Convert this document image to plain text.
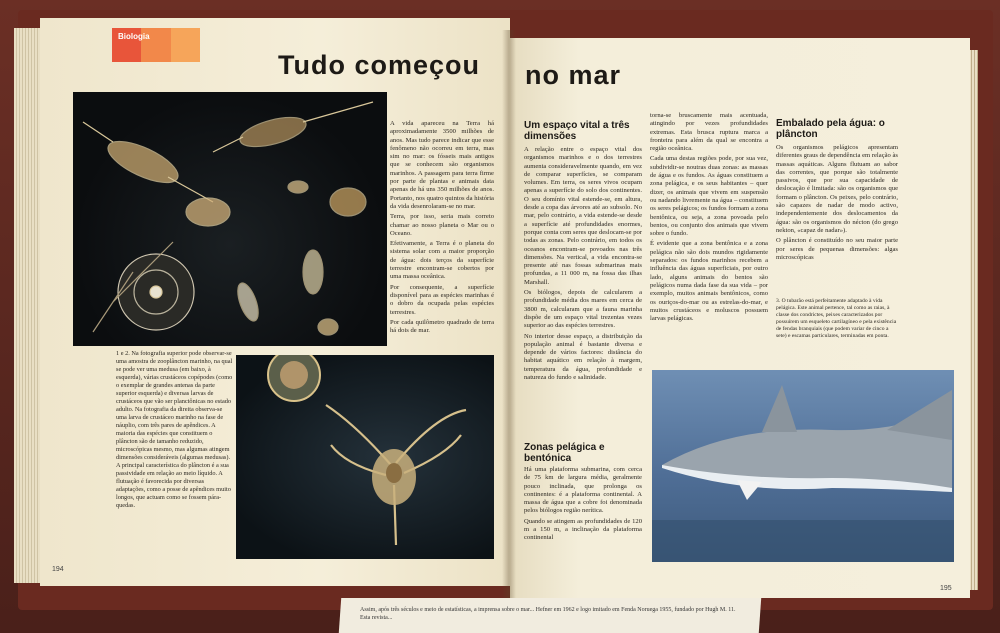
Biologia
Tudo começou no mar

A vida apareceu na Terra há aproximadamente 3500 milhões de anos. Mas tudo parece indicar que esse fenômeno não ocorreu em terra, mas sim no mar: os fósseis mais antigos que se conhecem são organismos marinhos. A passagem para terra firme por parte de plantas e animais data apenas de há uns 350 milhões de anos. Portanto, nos quatro quintos da história da vida desenrolaram-se no mar.

Terra, por isso, seria mais correto chamar ao nosso planeta o Mar ou o Oceano.

Efetivamente, a Terra é o planeta do sistema solar com a maior proporção de água: dois terços da superfície terrestre encontram-se cobertos por uma massa oceânica.

Por consequente, a superfície disponível para as espécies marinhas é o dobro da ocupada pelas espécies terrestres.

Por cada quilômetro quadrado de terra há dois de mar.

1 e 2. Na fotografia superior pode observar-se uma amostra de zooplâncton marinho, na qual se pode ver uma medusa (em baixo, à esquerda), várias crustáceos copépodes (como o exemplar de grandes antenas da parte superior esquerda) e diversas larvas de crustáceos que vão ser planctônicas no estado adulto. Na fotografia da direita observa-se uma larva de crustáceo marinho na fase de náuplio, com três pares de apêndices. A maioria das espécies que constituem o plâncton são de tamanho reduzido, microscópicas mesmo, mas algumas atingem dimensões consideráveis (algumas medusas). A principal característica do plâncton é a sua passividade em relação ao meio líquido. A flutuação é favorecida por diversas adaptações, como a posse de apêndices muito longos, que actuam como se fossem pára-quedas.
194
Um espaço vital a três dimensões

A relação entre o espaço vital dos organismos marinhos e o dos terrestres aumenta consideravelmente quando, em vez de comparar superfícies, se comparam volumes. Em terra, os seres vivos ocupam apenas a superfície do solo dos continentes. O seu domínio vital estende-se, em altura, desde a copa das árvores até ao subsolo. No mar, pelo contrário, a vida estende-se desde a superfície até profundidades enormes, porque conta com seres que deslocam-se por todas as zonas. Pelo contrário, em todos os oceanos encontram-se povoados nas três dimensões. Na vertical, a vida encontra-se presente até nas fossas submarinas mais profundas, a 11 000 m, na fossa das ilhas Marshall.

Os biólogos, depois de calcularem a profundidade média dos mares em cerca de 3800 m, calcularam que a fauna marinha dispõe de um espaço vital trezentas vezes superior ao das espécies terrestres.

No interior desse espaço, a distribuição da população animal é bastante diversa e depende de vários factores: distância do habitat aquático em relação à margem, temperatura da água, profundidade e natureza do fundo e salinidade.

Zonas pelágica e bentónica

Há uma plataforma submarina, com cerca de 75 km de largura média, geralmente pouco inclinada, que prolonga os continentes: é a plataforma continental. A massa de água que a cobre foi denominada pelos biólogos região nerítica.

Quando se atingem as profundidades de 120 m a 150 m, a inclinação da plataforma continental

torna-se bruscamente mais acentuada, atingindo por vezes profundidades extremas. Esta brusca ruptura marca a fronteira para além da qual se encontra a região oceânica.

Cada uma destas regiões pode, por sua vez, subdividir-se noutras duas zonas: as massas de água e os fundos. As águas constituem a zona pelágica, e os seus habitantes – quer dizer, os animais que vivem em suspensão ou nadando livremente na água – constituem os seres pelágicos; os fundos formam a zona bentônica, ou seja, a zona povoada pelo bentos, ou conjunto dos animais que vivem sobre o fundo.

É evidente que a zona bentônica e a zona pelágica não são dois mundos rigidamente separados: os fundos marinhos recebem a influência das águas superficiais, por outro lado, alguns animais do bentos são pelágicos numa dada fase da sua vida – por exemplo, muitos animais bentônicos, como os ouriços-do-mar ou as estrelas-do-mar, e muitos crustáceos e moluscos possuem larvas pelágicas.

Embalado pela água: o plâncton

Os organismos pelágicos apresentam diferentes graus de dependência em relação às massas aquáticas. Alguns flutuam ao sabor das correntes, que porque são totalmente passivos, que por sua capacidade de deslocação é limitada: são os organismos que formam o plâncton. Os peixes, pelo contrário, são capazes de nadar de modo activo, independentemente dos deslocamentos da água: são os organismos do nécton (do grego nekton, «capaz de nadar»).

O plâncton é constituído no seu maior parte por seres de pequenas dimensões: algas microscópicas

3. O tubarão está perfeitamente adaptado à vida pelágica. Este animal pertence, tal como as raias, à classe dos condrictes, peixes caracterizados por possuírem um esqueleto cartilagíneo e pela existência de fendas branquiais (que podem variar de cinco a sete) e escamas particulares, terminadas em ponta.
195
Assim, após três séculos e meio de estatísticas, a imprensa sobre o mar... Hefner em 1962 e logo imitado em Fenda Noruega 1955, fundado por Hugh M. 11. Esta revista...
